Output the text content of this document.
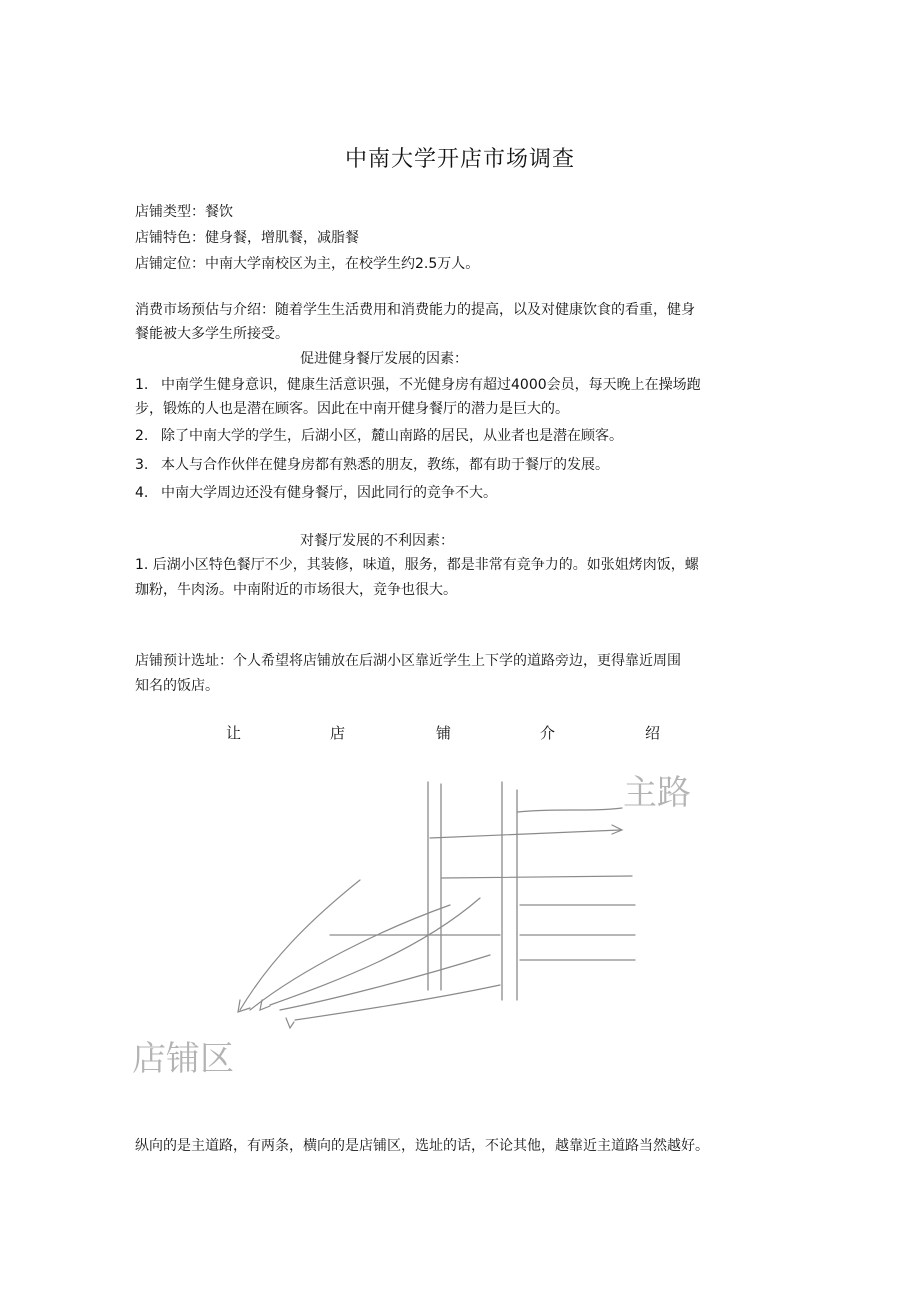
中南大学开店市场调查
店铺类型：餐饮
店铺特色：健身餐，增肌餐，减脂餐
店铺定位：中南大学南校区为主，在校学生约2.5万人。
消费市场预估与介绍：随着学生生活费用和消费能力的提高，以及对健康饮食的看重，健身
餐能被大多学生所接受。
促进健身餐厅发展的因素：
1. 中南学生健身意识，健康生活意识强，不光健身房有超过4000会员，每天晚上在操场跑
步，锻炼的人也是潜在顾客。因此在中南开健身餐厅的潜力是巨大的。
2. 除了中南大学的学生，后湖小区，麓山南路的居民，从业者也是潜在顾客。
3. 本人与合作伙伴在健身房都有熟悉的朋友，教练，都有助于餐厅的发展。
4. 中南大学周边还没有健身餐厅，因此同行的竞争不大。
对餐厅发展的不利因素：
1. 后湖小区特色餐厅不少，其装修，味道，服务，都是非常有竞争力的。如张姐烤肉饭，螺
珈粉，牛肉汤。中南附近的市场很大，竞争也很大。
店铺预计选址：个人希望将店铺放在后湖小区靠近学生上下学的道路旁边，更得靠近周围
知名的饭店。
让	店	铺	介	绍
主路
店铺区
纵向的是主道路，有两条，横向的是店铺区，选址的话，不论其他，越靠近主道路当然越好。
